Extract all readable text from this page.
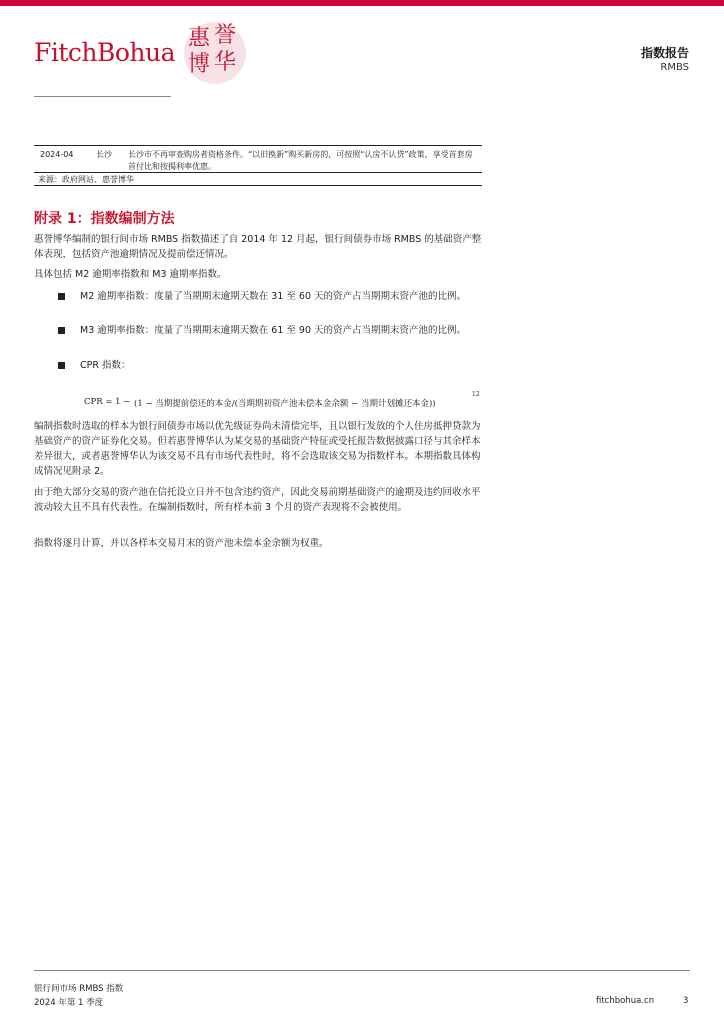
FitchBohua 惠 誉
博 华	指数报告
RMBS
2024-04	长沙 长沙市不再审查购房者资格条件。“以旧换新”购买新房的，可按照“认房不认贷”政策，享受首套房首付比和按揭利率优惠。
来源：政府网站、惠誉博华
附录 1：指数编制方法
惠誉博华编制的银行间市场 RMBS 指数描述了自 2014 年 12 月起，银行间债券市场 RMBS 的基础资产整体表现，包括资产池逾期情况及提前偿还情况。
具体包括 M2 逾期率指数和 M3 逾期率指数。
M2 逾期率指数：度量了当期期末逾期天数在 31 至 60 天的资产占当期期末资产池的比例。
M3 逾期率指数：度量了当期期末逾期天数在 61 至 90 天的资产占当期期末资产池的比例。
CPR 指数：
CPR = 1 − (1 − 当期提前偿还的本金/(当期期初资产池未偿本金余额 − 当期计划摊还本金))
12
编制指数时选取的样本为银行间债券市场以优先级证券尚未清偿完毕，且以银行发放的个人住房抵押贷款为基础资产的资产证券化交易。但若惠誉博华认为某交易的基础资产特征或受托报告数据披露口径与其余样本差异很大，或者惠誉博华认为该交易不具有市场代表性时，将不会选取该交易为指数样本。本期指数具体构成情况见附录 2。
由于绝大部分交易的资产池在信托设立日并不包含违约资产，因此交易前期基础资产的逾期及违约回收水平波动较大且不具有代表性。在编制指数时，所有样本前 3 个月的资产表现将不会被使用。
指数将逐月计算，并以各样本交易月末的资产池未偿本金余额为权重。
银行间市场 RMBS 指数
2024 年第 1 季度	fitchbohua.cn	3
